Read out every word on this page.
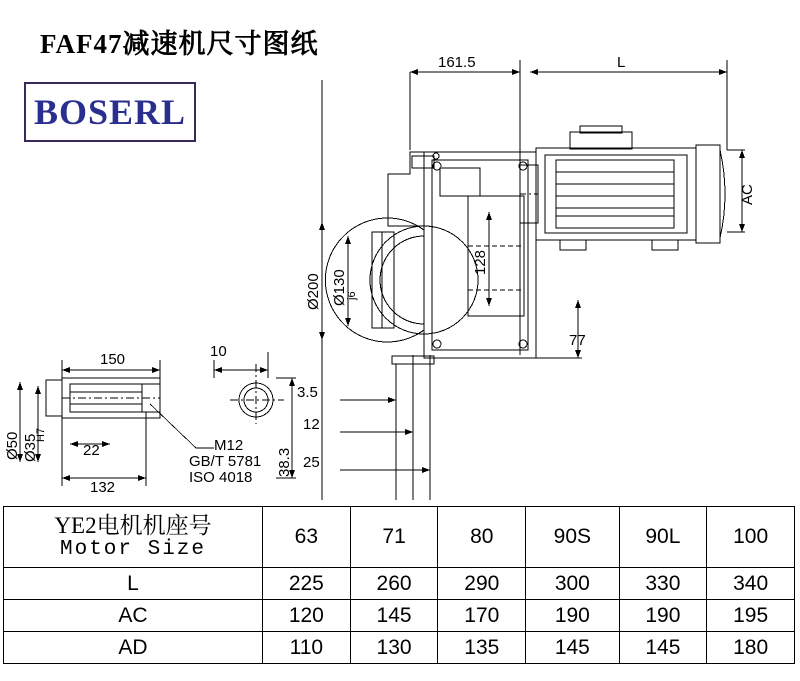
FAF47减速机尺寸图纸
BOSERL
161.5	L
3.5
12
25
77
150	10
22
132
M12
GB/T 5781
ISO 4018
Ø200 Ø130
j6
AC
128
Ø50 Ø35
H7
38.3
YE2电机机座号
Motor Size	63	71	80	90S	90L	100
L	225	260	290	300	330	340
AC	120	145	170	190	190	195
AD	110	130	135	145	145	180
